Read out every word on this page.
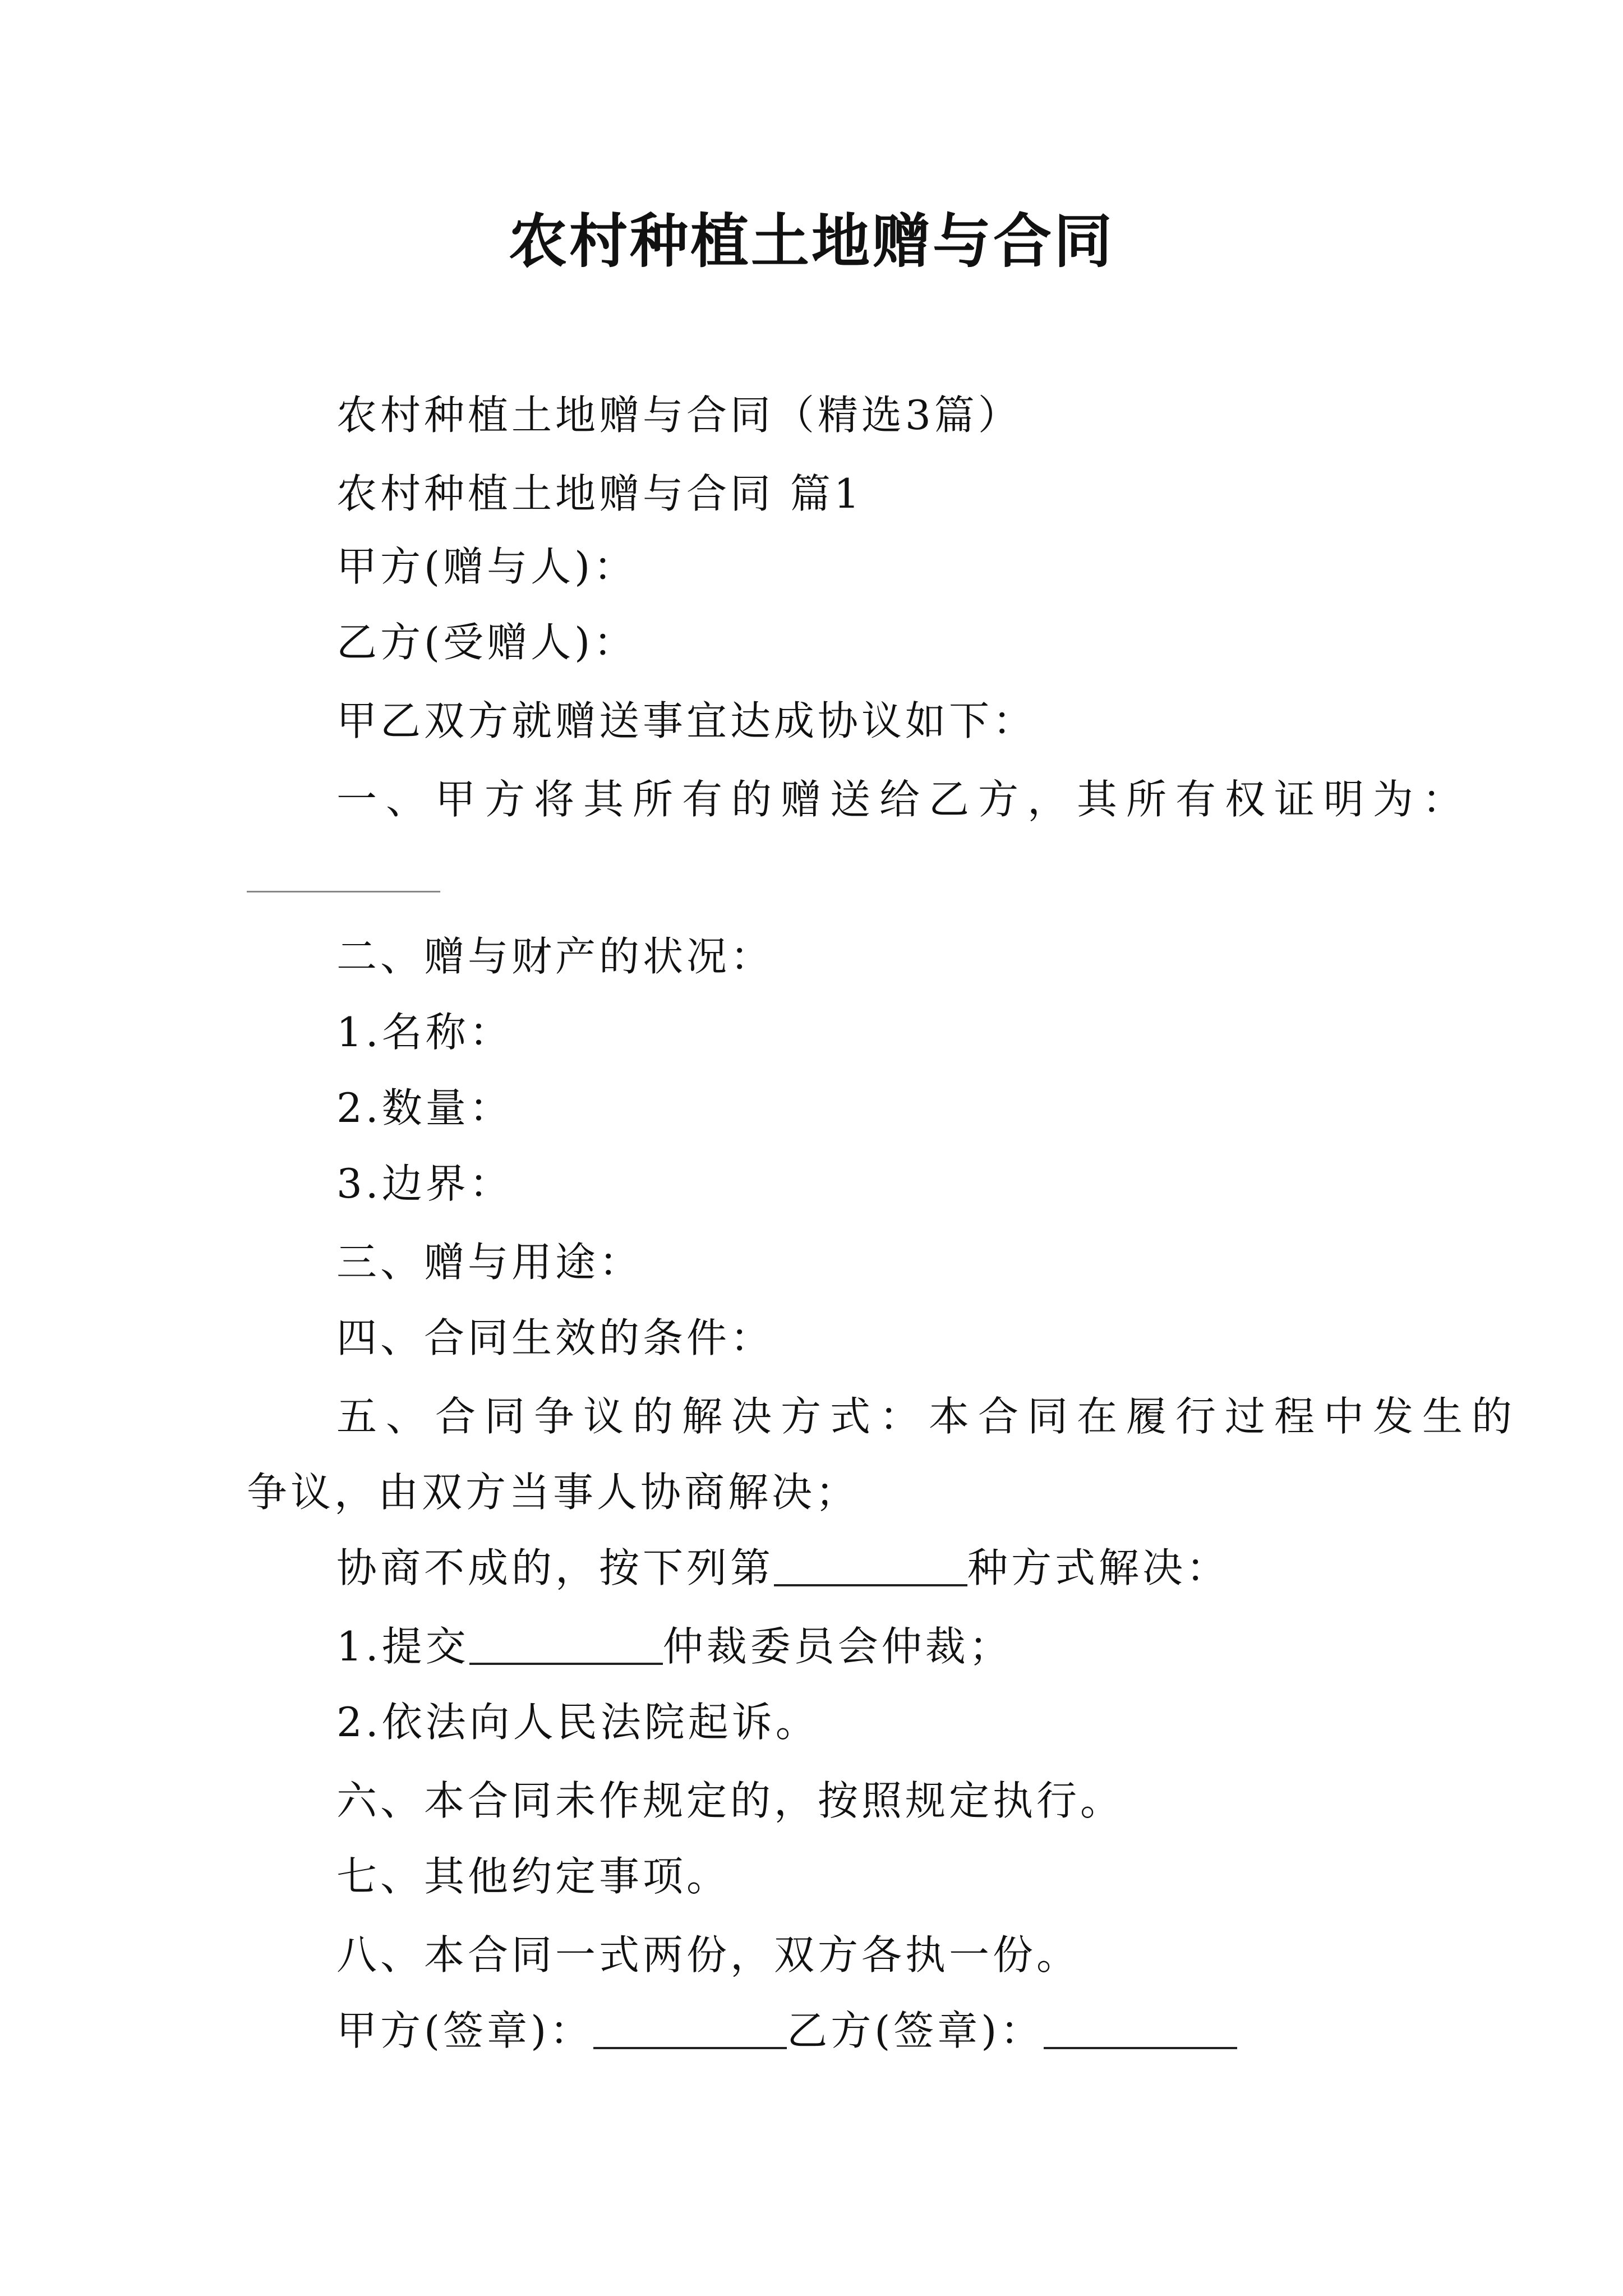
农村种植土地赠与合同
农村种植土地赠与合同（精选3篇）
农村种植土地赠与合同 篇1
甲方(赠与人)：
乙方(受赠人)：
甲乙双方就赠送事宜达成协议如下：
一、甲方将其所有的赠送给乙方，其所有权证明为：
二、赠与财产的状况：
1.名称：
2.数量：
3.边界：
三、赠与用途：
四、合同生效的条件：
五、合同争议的解决方式：本合同在履行过程中发生的
争议，由双方当事人协商解决；
协商不成的，按下列第	种方式解决：
1.提交	仲裁委员会仲裁；
2.依法向人民法院起诉。
六、本合同未作规定的，按照规定执行。
七、其他约定事项。
八、本合同一式两份，双方各执一份。
甲方(签章)：	乙方(签章)：
